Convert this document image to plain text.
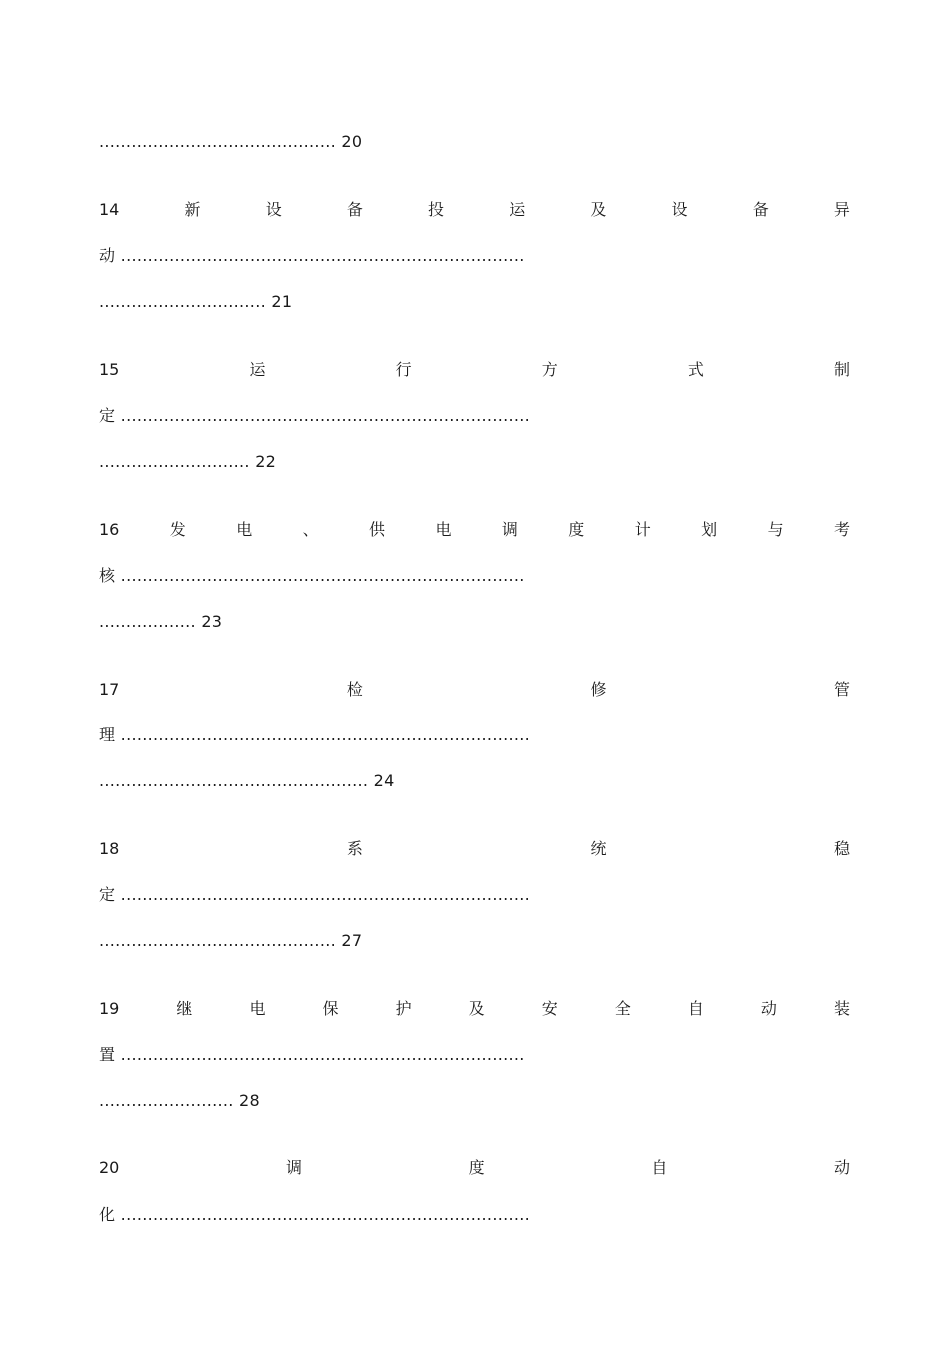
............................................ 20
14	新	设	备	投	运	及	设	备	异
动 ...........................................................................
............................... 21
15	运	行	方	式	制
定 ............................................................................
............................ 22
16	发	电	、	供	电	调	度	计	划	与	考
核 ...........................................................................
.................. 23
17	检	修	管
理 ............................................................................
.................................................. 24
18	系	统	稳
定 ............................................................................
............................................ 27
19	继	电	保	护	及	安	全	自	动	装
置 ...........................................................................
......................... 28
20	调	度	自	动
化 ............................................................................
